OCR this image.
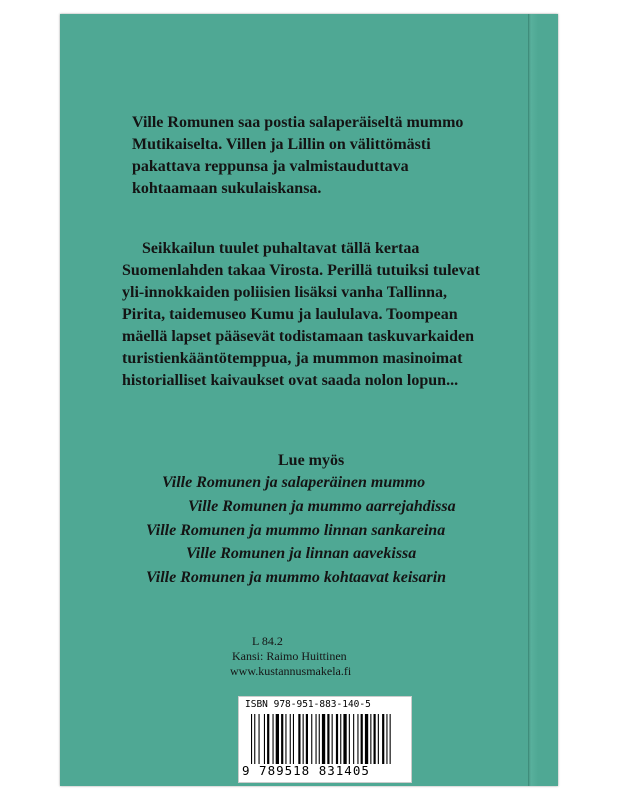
Ville Romunen saa postia salaperäiseltä mummo
Mutikaiselta. Villen ja Lillin on välittömästi
pakattava reppunsa ja valmistauduttava
kohtaamaan sukulaiskansa.
Seikkailun tuulet puhaltavat tällä kertaa
Suomenlahden takaa Virosta. Perillä tutuiksi tulevat
yli-innokkaiden poliisien lisäksi vanha Tallinna,
Pirita, taidemuseo Kumu ja laululava. Toompean
mäellä lapset pääsevät todistamaan taskuvarkaiden
turistienkääntötemppua, ja mummon masinoimat
historialliset kaivaukset ovat saada nolon lopun...
Lue myös
Ville Romunen ja salaperäinen mummo
Ville Romunen ja mummo aarrejahdissa
Ville Romunen ja mummo linnan sankareina
Ville Romunen ja linnan aavekissa
Ville Romunen ja mummo kohtaavat keisarin
L 84.2
Kansi: Raimo Huittinen
www.kustannusmakela.fi
ISBN 978-951-883-140-5
9 789518 831405
